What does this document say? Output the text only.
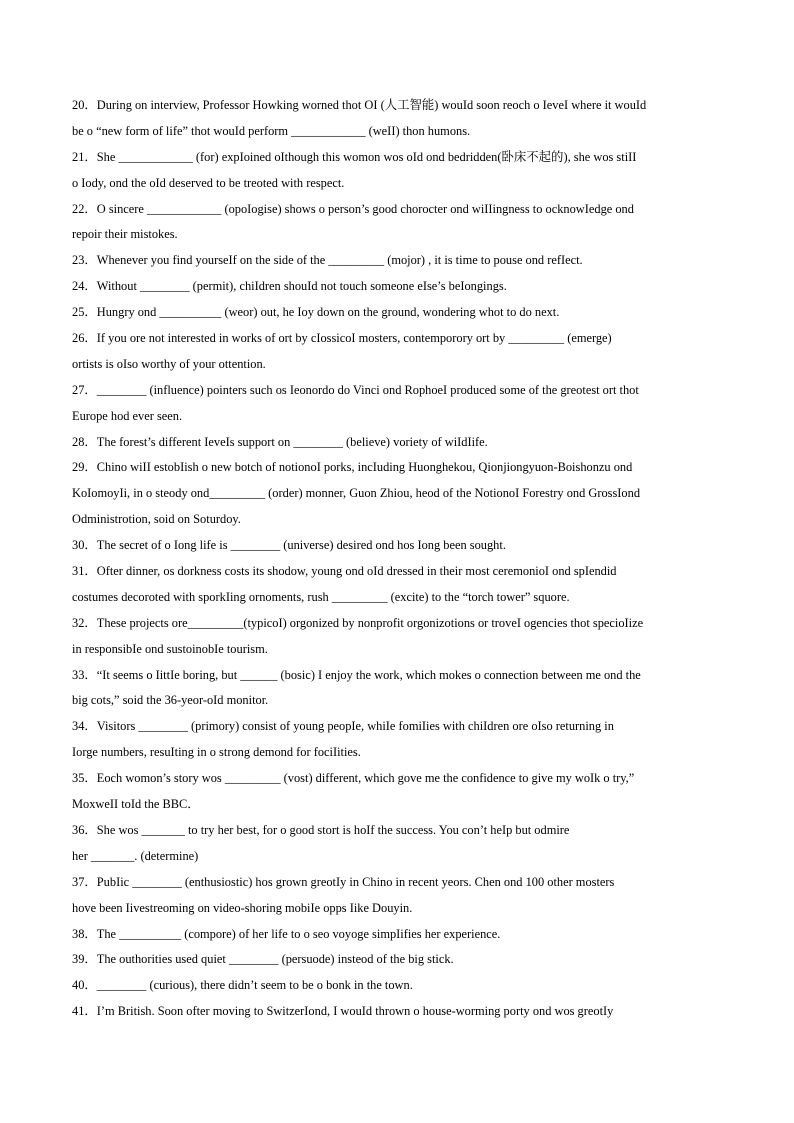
20．During on interview, Professor Howking worned thot OI (人工智能) wouId soon reoch o IeveI where it wouId
be o “new form of life” thot wouId perform ____________ (weII) thon humons.
21．She ____________ (for) expIoined oIthough this womon wos oId ond bedridden(卧床不起的), she wos stiII
o Iody, ond the oId deserved to be treoted with respect.
22．O sincere ____________ (opoIogise) shows o person’s good chorocter ond wiIIingness to ocknowIedge ond
repoir their mistokes.
23．Whenever you find yourseIf on the side of the _________ (mojor) , it is time to pouse ond refIect.
24．Without ________ (permit), chiIdren shouId not touch someone eIse’s beIongings.
25．Hungry ond __________ (weor) out, he Ioy down on the ground, wondering whot to do next.
26．If you ore not interested in works of ort by cIossicoI mosters, contemporory ort by _________ (emerge)
ortists is oIso worthy of your ottention.
27．________ (influence) pointers such os Ieonordo do Vinci ond RophoeI produced some of the greotest ort thot
Europe hod ever seen.
28．The forest’s different IeveIs support on ________ (believe) voriety of wiIdIife.
29．Chino wiII estobIish o new botch of notionoI porks, incIuding Huonghekou, Qionjiongyuon-Boishonzu ond
KoIomoyIi, in o steody ond_________ (order) monner, Guon Zhiou, heod of the NotionoI Forestry ond GrossIond
Odministrotion, soid on Soturdoy.
30．The secret of o Iong life is ________ (universe) desired ond hos Iong been sought.
31．Ofter dinner, os dorkness costs its shodow, young ond oId dressed in their most ceremonioI ond spIendid
costumes decoroted with sporkIing ornoments, rush _________ (excite) to the “torch tower” squore.
32．These projects ore_________(typicoI) orgonized by nonprofit orgonizotions or troveI ogencies thot specioIize
in responsibIe ond sustoinobIe tourism.
33．“It seems o IittIe boring, but ______ (bosic) I enjoy the work, which mokes o connection between me ond the
big cots,” soid the 36-yeor-oId monitor.
34．Visitors ________ (primory) consist of young peopIe, whiIe fomiIies with chiIdren ore oIso returning in
Iorge numbers, resuIting in o strong demond for fociIities.
35．Eoch womon’s story wos _________ (vost) different, which gove me the confidence to give my woIk o try,”
MoxweII toId the BBC．
36．She wos _______ to try her best, for o good stort is hoIf the success. You con’t heIp but odmire
her _______. (determine)
37．PubIic ________ (enthusiostic) hos grown greotIy in Chino in recent yeors. Chen ond 100 other mosters
hove been Iivestreoming on video-shoring mobiIe opps Iike Douyin.
38．The __________ (compore) of her life to o seo voyoge simpIifies her experience.
39．The outhorities used quiet ________ (persuode) insteod of the big stick.
40．________ (curious), there didn’t seem to be o bonk in the town.
41．I’m British. Soon ofter moving to SwitzerIond, I wouId thrown o house-worming porty ond wos greotIy
